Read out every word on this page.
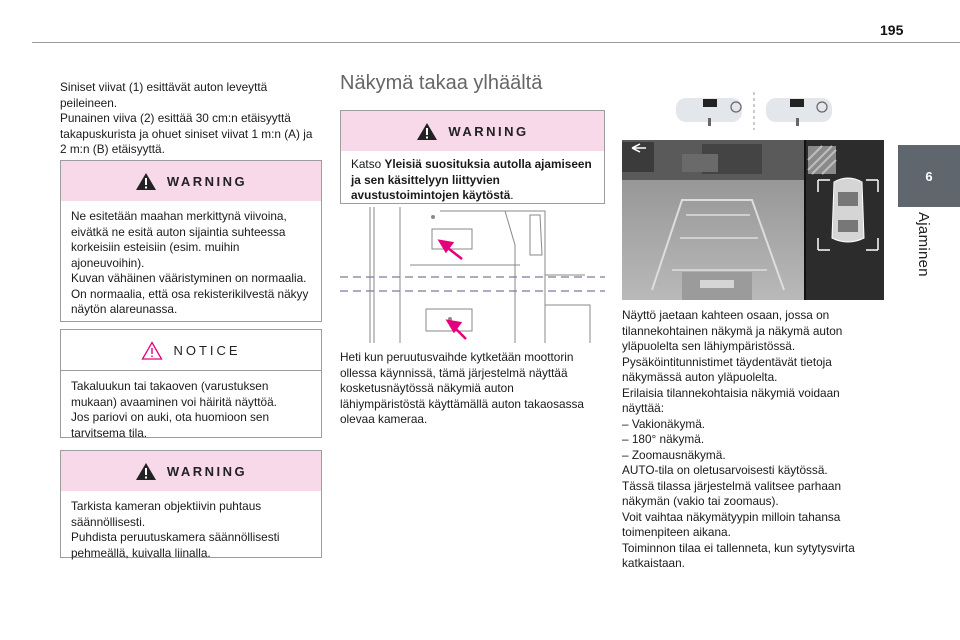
195
6
Ajaminen

Siniset viivat (1) esittävät auton leveyttä peileineen.

Punainen viiva (2) esittää 30 cm:n etäisyyttä takapuskurista ja ohuet siniset viivat 1 m:n (A) ja 2 m:n (B) etäisyyttä.

WARNING

Ne esitetään maahan merkittynä viivoina, eivätkä ne esitä auton sijaintia suhteessa korkeisiin esteisiin (esim. muihin ajoneuvoihin).

Kuvan vähäinen vääristyminen on normaalia.

On normaalia, että osa rekisterikilvestä näkyy näytön alareunassa.

NOTICE

Takaluukun tai takaoven (varustuksen mukaan) avaaminen voi häiritä näyttöä.

Jos pariovi on auki, ota huomioon sen tarvitsema tila.

WARNING

Tarkista kameran objektiivin puhtaus säännöllisesti.

Puhdista peruutuskamera säännöllisesti pehmeällä, kuivalla liinalla.

Näkymä takaa ylhäältä
WARNING
Katso Yleisiä suosituksia autolla ajamiseen ja sen käsittelyyn liittyvien avustustoimintojen käytöstä.

Heti kun peruutusvaihde kytketään moottorin ollessa käynnissä, tämä järjestelmä näyttää kosketusnäytössä näkymiä auton lähiympäristöstä käyttämällä auton takaosassa olevaa kameraa.

Näyttö jaetaan kahteen osaan, jossa on tilannekohtainen näkymä ja näkymä auton yläpuolelta sen lähiympäristössä.

Pysäköintitunnistimet täydentävät tietoja näkymässä auton yläpuolelta.

Erilaisia tilannekohtaisia näkymiä voidaan näyttää:

– Vakionäkymä.

– 180° näkymä.

– Zoomausnäkymä.

AUTO-tila on oletusarvoisesti käytössä.

Tässä tilassa järjestelmä valitsee parhaan näkymän (vakio tai zoomaus).

Voit vaihtaa näkymätyypin milloin tahansa toimenpiteen aikana.

Toiminnon tilaa ei tallenneta, kun sytytysvirta katkaistaan.
